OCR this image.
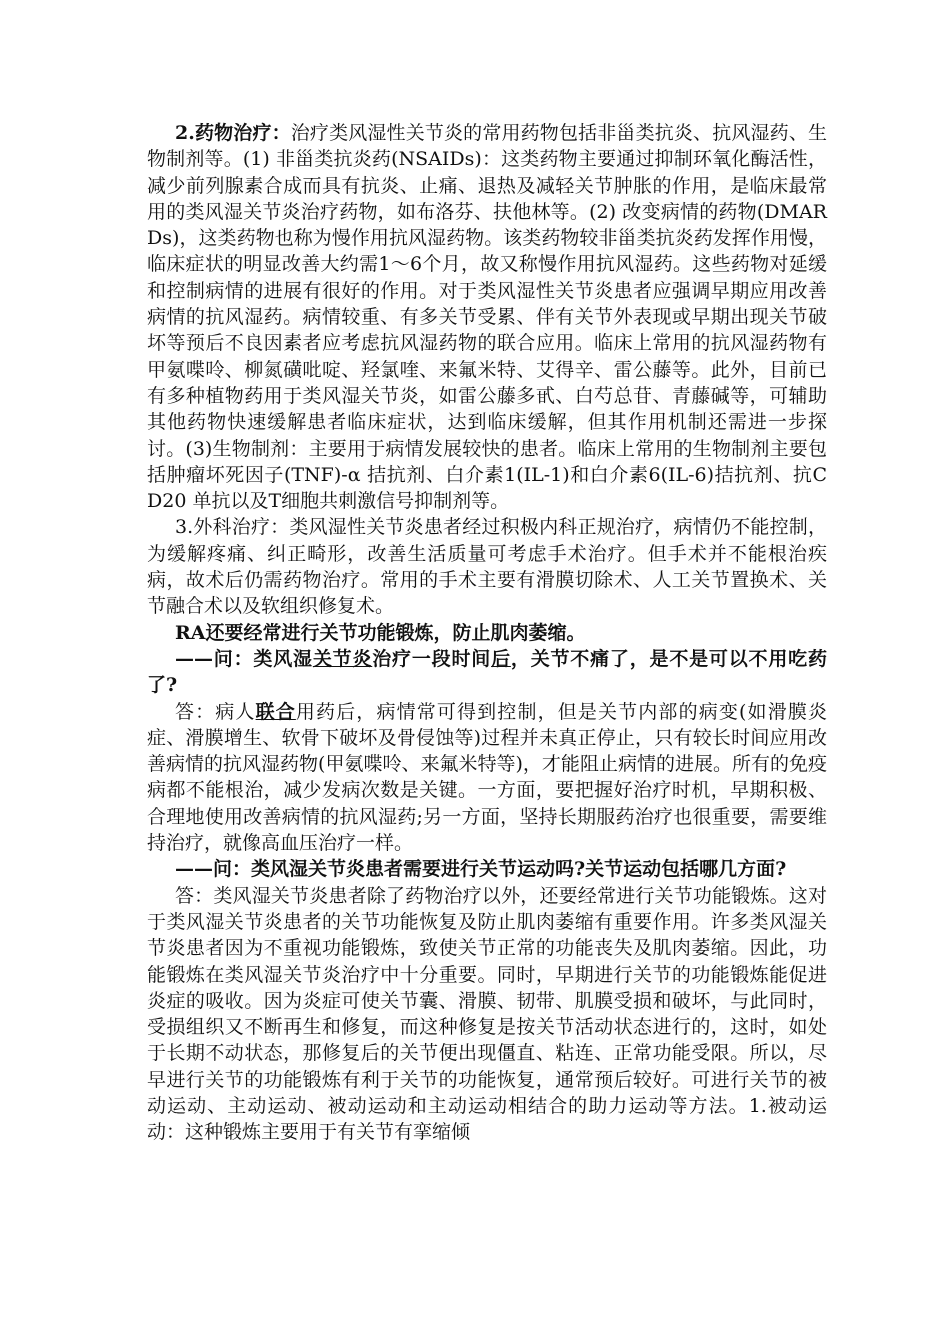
2.药物治疗：治疗类风湿性关节炎的常用药物包括非甾类抗炎、抗风湿药、生物制剂等。(1) 非甾类抗炎药(NSAIDs)：这类药物主要通过抑制环氧化酶活性，减少前列腺素合成而具有抗炎、止痛、退热及减轻关节肿胀的作用，是临床最常用的类风湿关节炎治疗药物，如布洛芬、扶他林等。(2) 改变病情的药物(DMARDs)，这类药物也称为慢作用抗风湿药物。该类药物较非甾类抗炎药发挥作用慢，临床症状的明显改善大约需1～6个月，故又称慢作用抗风湿药。这些药物对延缓和控制病情的进展有很好的作用。对于类风湿性关节炎患者应强调早期应用改善病情的抗风湿药。病情较重、有多关节受累、伴有关节外表现或早期出现关节破坏等预后不良因素者应考虑抗风湿药物的联合应用。临床上常用的抗风湿药物有甲氨喋呤、柳氮磺吡啶、羟氯喹、来氟米特、艾得辛、雷公藤等。此外，目前已有多种植物药用于类风湿关节炎，如雷公藤多甙、白芍总苷、青藤碱等，可辅助其他药物快速缓解患者临床症状，达到临床缓解，但其作用机制还需进一步探讨。(3)生物制剂：主要用于病情发展较快的患者。临床上常用的生物制剂主要包括肿瘤坏死因子(TNF)-α 拮抗剂、白介素1(IL-1)和白介素6(IL-6)拮抗剂、抗CD20 单抗以及T细胞共刺激信号抑制剂等。

3.外科治疗：类风湿性关节炎患者经过积极内科正规治疗，病情仍不能控制，为缓解疼痛、纠正畸形，改善生活质量可考虑手术治疗。但手术并不能根治疾病，故术后仍需药物治疗。常用的手术主要有滑膜切除术、人工关节置换术、关节融合术以及软组织修复术。

RA还要经常进行关节功能锻炼，防止肌肉萎缩。

——问：类风湿关节炎治疗一段时间后，关节不痛了，是不是可以不用吃药了?

答：病人联合用药后，病情常可得到控制，但是关节内部的病变(如滑膜炎症、滑膜增生、软骨下破坏及骨侵蚀等)过程并未真正停止，只有较长时间应用改善病情的抗风湿药物(甲氨喋呤、来氟米特等)，才能阻止病情的进展。所有的免疫病都不能根治，减少发病次数是关键。一方面，要把握好治疗时机，早期积极、合理地使用改善病情的抗风湿药;另一方面，坚持长期服药治疗也很重要，需要维持治疗，就像高血压治疗一样。

——问：类风湿关节炎患者需要进行关节运动吗?关节运动包括哪几方面?

答：类风湿关节炎患者除了药物治疗以外，还要经常进行关节功能锻炼。这对于类风湿关节炎患者的关节功能恢复及防止肌肉萎缩有重要作用。许多类风湿关节炎患者因为不重视功能锻炼，致使关节正常的功能丧失及肌肉萎缩。因此，功能锻炼在类风湿关节炎治疗中十分重要。同时，早期进行关节的功能锻炼能促进炎症的吸收。因为炎症可使关节囊、滑膜、韧带、肌膜受损和破坏，与此同时，受损组织又不断再生和修复，而这种修复是按关节活动状态进行的，这时，如处于长期不动状态，那修复后的关节便出现僵直、粘连、正常功能受限。所以，尽早进行关节的功能锻炼有利于关节的功能恢复，通常预后较好。可进行关节的被动运动、主动运动、被动运动和主动运动相结合的助力运动等方法。1.被动运动：这种锻炼主要用于有关节有挛缩倾
